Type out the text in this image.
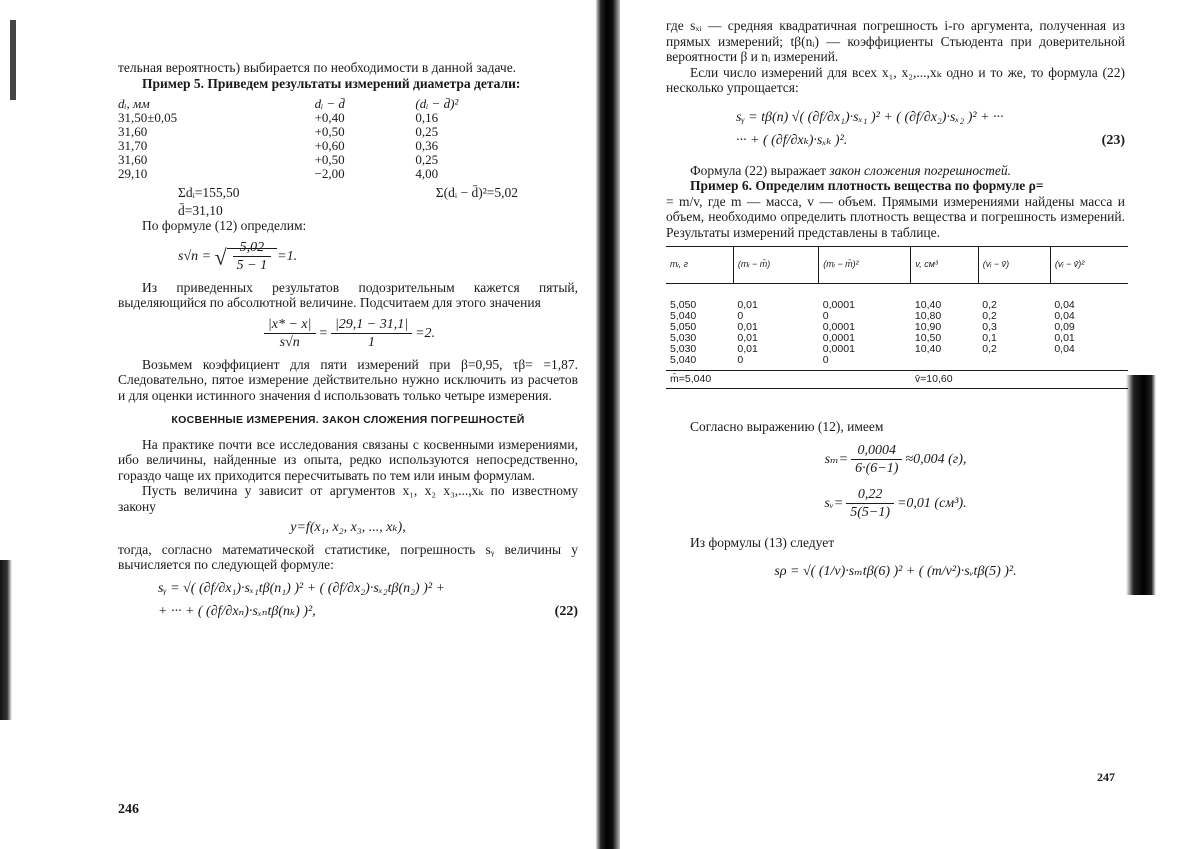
тельная вероятность) выбирается по необходимости в данной задаче.

Пример 5. Приведем результаты измерений диаметра детали:

dᵢ, мм	dᵢ − d̄	(dᵢ − d̄)²
31,50±0,05	+0,40	0,16
31,60	+0,50	0,25
31,70	+0,60	0,36
31,60	+0,50	0,25
29,10	−2,00	4,00
Σdᵢ=155,50	Σ(dᵢ − d̄)²=5,02
d̄=31,10

По формуле (12) определим:

s√n = √ $\frac{5,02}{5 - 1} =1$.

Из приведенных результатов подозрительным кажется пятый, выделяющийся по абсолютной величине. Подсчитаем для этого значения

$\frac{|x* - x|}{s√n} = \frac{|29,1 - 31,1|}{1} =2$.

Возьмем коэффициент для пяти измерений при β=0,95, τβ= =1,87. Следовательно, пятое измерение действительно нужно исключить из расчетов и для оценки истинного значения d использовать только четыре измерения.

КОСВЕННЫЕ ИЗМЕРЕНИЯ. ЗАКОН СЛОЖЕНИЯ ПОГРЕШНОСТЕЙ

На практике почти все исследования связаны с косвенными измерениями, ибо величины, найденные из опыта, редко используются непосредственно, гораздо чаще их приходится пересчитывать по тем или иным формулам.

Пусть величина y зависит от аргументов x₁, x₂ x₃,...,xₖ по известному закону

y=f(x₁, x₂, x₃, ..., xₖ),

тогда, согласно математической статистике, погрешность sᵧ величины y вычисляется по следующей формуле:

sᵧ = √( (∂f/∂x₁)·sₓ₁tβ(n₁) )² + ( (∂f/∂x₂)·sₓ₂tβ(n₂) )² +
+ ··· + ( (∂f/∂xₙ)·sₓₙtβ(nₖ) )²,	(22)
246

где sₓᵢ — средняя квадратичная погрешность i-го аргумента, полученная из прямых измерений; tβ(nᵢ) — коэффициенты Стьюдента при доверительной вероятности β и nᵢ измерений.

Если число измерений для всех x₁, x₂,...,xₖ одно и то же, то формула (22) несколько упрощается:

sᵧ = tβ(n) √( (∂f/∂x₁)·sₓ₁ )² + ( (∂f/∂x₂)·sₓ₂ )² + ···
··· + ( (∂f/∂xₖ)·sₓₖ )².	(23)

Формула (22) выражает закон сложения погрешностей.

Пример 6. Определим плотность вещества по формуле ρ=

= m/v, где m — масса, v — объем. Прямыми измерениями найдены масса и объем, необходимо определить плотность вещества и погрешность измерений. Результаты измерений представлены в таблице.

mᵢ, г	(mᵢ − m̄)	(mᵢ − m̄)²	v, см³	(vᵢ − v̄)	(vᵢ − v̄)²
5,050	0,01	0,0001	10,40	0,2	0,04
5,040	0	0	10,80	0,2	0,04
5,050	0,01	0,0001	10,90	0,3	0,09
5,030	0,01	0,0001	10,50	0,1	0,01
5,030	0,01	0,0001	10,40	0,2	0,04
5,040	0	0			
m̄=5,040			v̄=10,60		

Согласно выражению (12), имеем

$s_m= \frac{0,0004}{6\cdot(6-1)} \approx 0,004$ (г),
sᵥ= $\frac{0,22}{5(5-1)} =0,01$ (см³).

Из формулы (13) следует

sρ = √( (1/v)·sₘtβ(6) )² + ( (m/v²)·sᵥtβ(5) )².
247
